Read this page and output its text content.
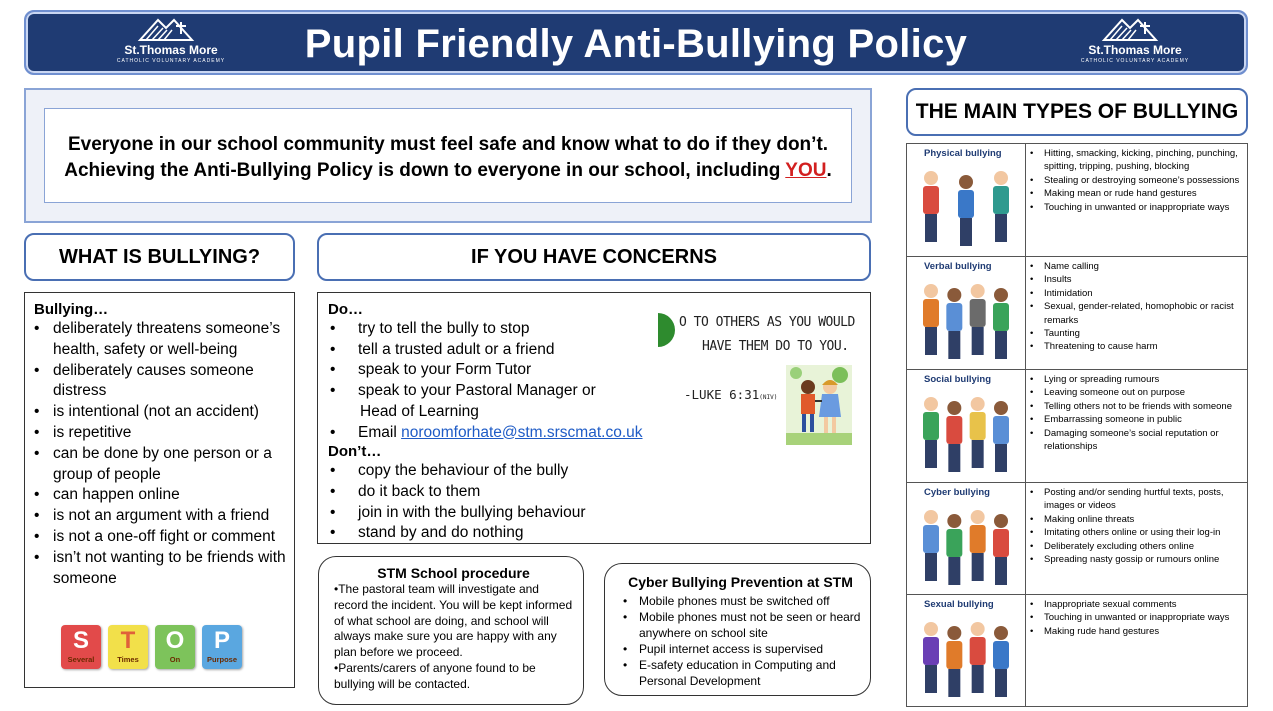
St.Thomas More
CATHOLIC VOLUNTARY ACADEMY	Pupil Friendly Anti-Bullying Policy	St.Thomas More
CATHOLIC VOLUNTARY ACADEMY
Everyone in our school community must feel safe and know what to do if they don’t.
Achieving the Anti-Bullying Policy is down to everyone in our school, including YOU.
WHAT IS BULLYING?	IF YOU HAVE CONCERNS
THE MAIN TYPES OF BULLYING
Bullying…
• deliberately threatens someone’s health, safety or well-being
• deliberately causes someone distress
• is intentional (not an accident)
• is repetitive
• can be done by one person or a group of people
• can happen online
• is not an argument with a friend
• is not a one-off fight or comment
• isn’t not wanting to be friends with someone
S
Several
T
Times
O
On
P
Purpose
Do…
• try to tell the bully to stop
• tell a trusted adult or a friend
• speak to your Form Tutor
• speak to your Pastoral Manager or
Head of Learning
• Email noroomforhate@stm.srscmat.co.uk
Don’t…
• copy the behaviour of the bully
• do it back to them
• join in with the bullying behaviour
• stand by and do nothing
O TO OTHERS AS YOU WOULD
HAVE THEM DO TO YOU.
-LUKE 6:31(NIV)
STM School procedure
•The pastoral team will investigate and record the incident. You will be kept informed of what school are doing, and school will always make sure you are happy with any plan before we proceed.
•Parents/carers of anyone found to be bullying will be contacted.
Cyber Bullying Prevention at STM
• Mobile phones must be switched off
• Mobile phones must not be seen or heard anywhere on school site
• Pupil internet access is supervised
• E-safety education in Computing and Personal Development
Physical bullying	• Hitting, smacking, kicking, pinching, punching, spitting, tripping, pushing, blocking
• Stealing or destroying someone’s possessions
• Making mean or rude hand gestures
• Touching in unwanted or inappropriate ways
Verbal bullying	• Name calling
• Insults
• Intimidation
• Sexual, gender-related, homophobic or racist remarks
• Taunting
• Threatening to cause harm
Social bullying	• Lying or spreading rumours
• Leaving someone out on purpose
• Telling others not to be friends with someone
• Embarrassing someone in public
• Damaging someone’s social reputation or relationships
Cyber bullying	• Posting and/or sending hurtful texts, posts, images or videos
• Making online threats
• Imitating others online or using their log-in
• Deliberately excluding others online
• Spreading nasty gossip or rumours online
Sexual bullying	• Inappropriate sexual comments
• Touching in unwanted or inappropriate ways
• Making rude hand gestures
